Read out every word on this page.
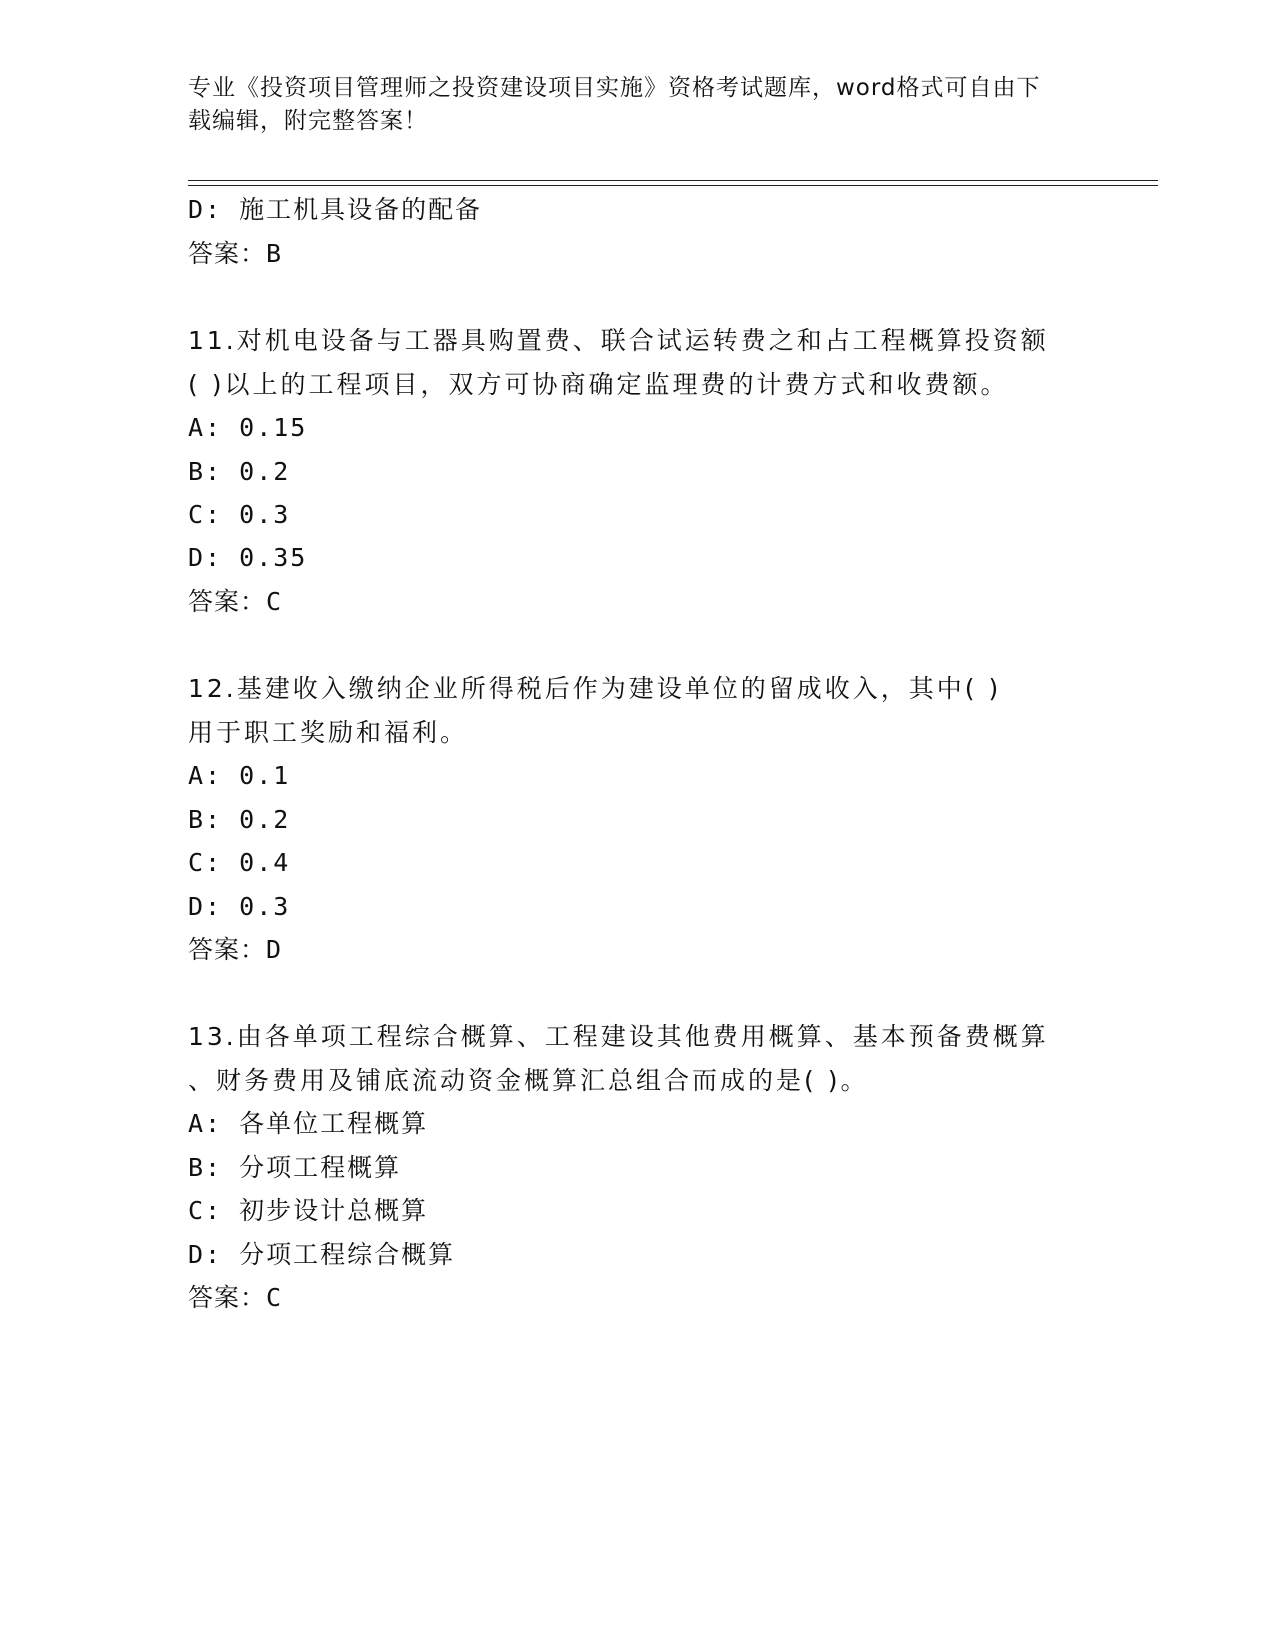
专业《投资项目管理师之投资建设项目实施》资格考试题库，word格式可自由下
载编辑，附完整答案！
D: 施工机具设备的配备
答案：B
11.对机电设备与工器具购置费、联合试运转费之和占工程概算投资额
( )以上的工程项目，双方可协商确定监理费的计费方式和收费额。
A: 0.15
B: 0.2
C: 0.3
D: 0.35
答案：C
12.基建收入缴纳企业所得税后作为建设单位的留成收入，其中( )
用于职工奖励和福利。
A: 0.1
B: 0.2
C: 0.4
D: 0.3
答案：D
13.由各单项工程综合概算、工程建设其他费用概算、基本预备费概算
、财务费用及铺底流动资金概算汇总组合而成的是( )。
A: 各单位工程概算
B: 分项工程概算
C: 初步设计总概算
D: 分项工程综合概算
答案：C
